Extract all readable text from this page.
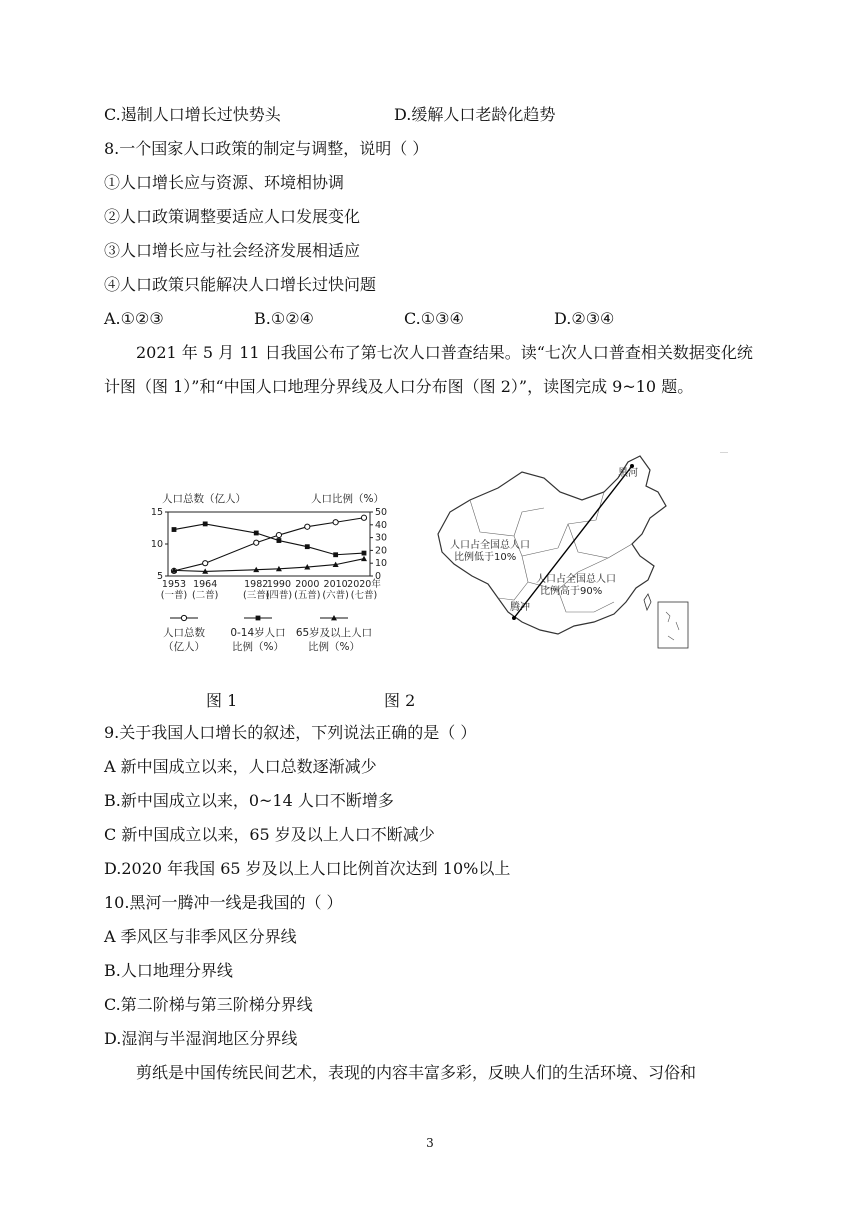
C.遏制人口增长过快势头	D.缓解人口老龄化趋势
8.一个国家人口政策的制定与调整，说明（ ）
①人口增长应与资源、环境相协调
②人口政策调整要适应人口发展变化
③人口增长应与社会经济发展相适应
④人口政策只能解决人口增长过快问题
A.①②③	B.①②④	C.①③④	D.②③④
2021 年 5 月 11 日我国公布了第七次人口普查结果。读“七次人口普查相关数据变化统计图（图 1）”和“中国人口地理分界线及人口分布图（图 2）”，读图完成 9~10 题。
人口总数（亿人）	人口比例（%）
5
10
15
0
10
20
30
40
50
1953
(一普)
1964
(二普)
1982
(三普)
1990
(四普)
2000
(五普)
2010
(六普)
2020年
(七普)
人口总数
（亿人）
0-14岁人口
比例（%）
65岁及以上人口
比例（%）
黑河
腾冲
人口占全国总人口
比例低于10%
人口占全国总人口
比例高于90%
图 1	图 2
9.关于我国人口增长的叙述，下列说法正确的是（ ）
A 新中国成立以来，人口总数逐渐减少
B.新中国成立以来，0~14 人口不断增多
C 新中国成立以来，65 岁及以上人口不断减少
D.2020 年我国 65 岁及以上人口比例首次达到 10%以上
10.黑河一腾冲一线是我国的（ ）
A 季风区与非季风区分界线
B.人口地理分界线
C.第二阶梯与第三阶梯分界线
D.湿润与半湿润地区分界线
剪纸是中国传统民间艺术，表现的内容丰富多彩，反映人们的生活环境、习俗和
3
